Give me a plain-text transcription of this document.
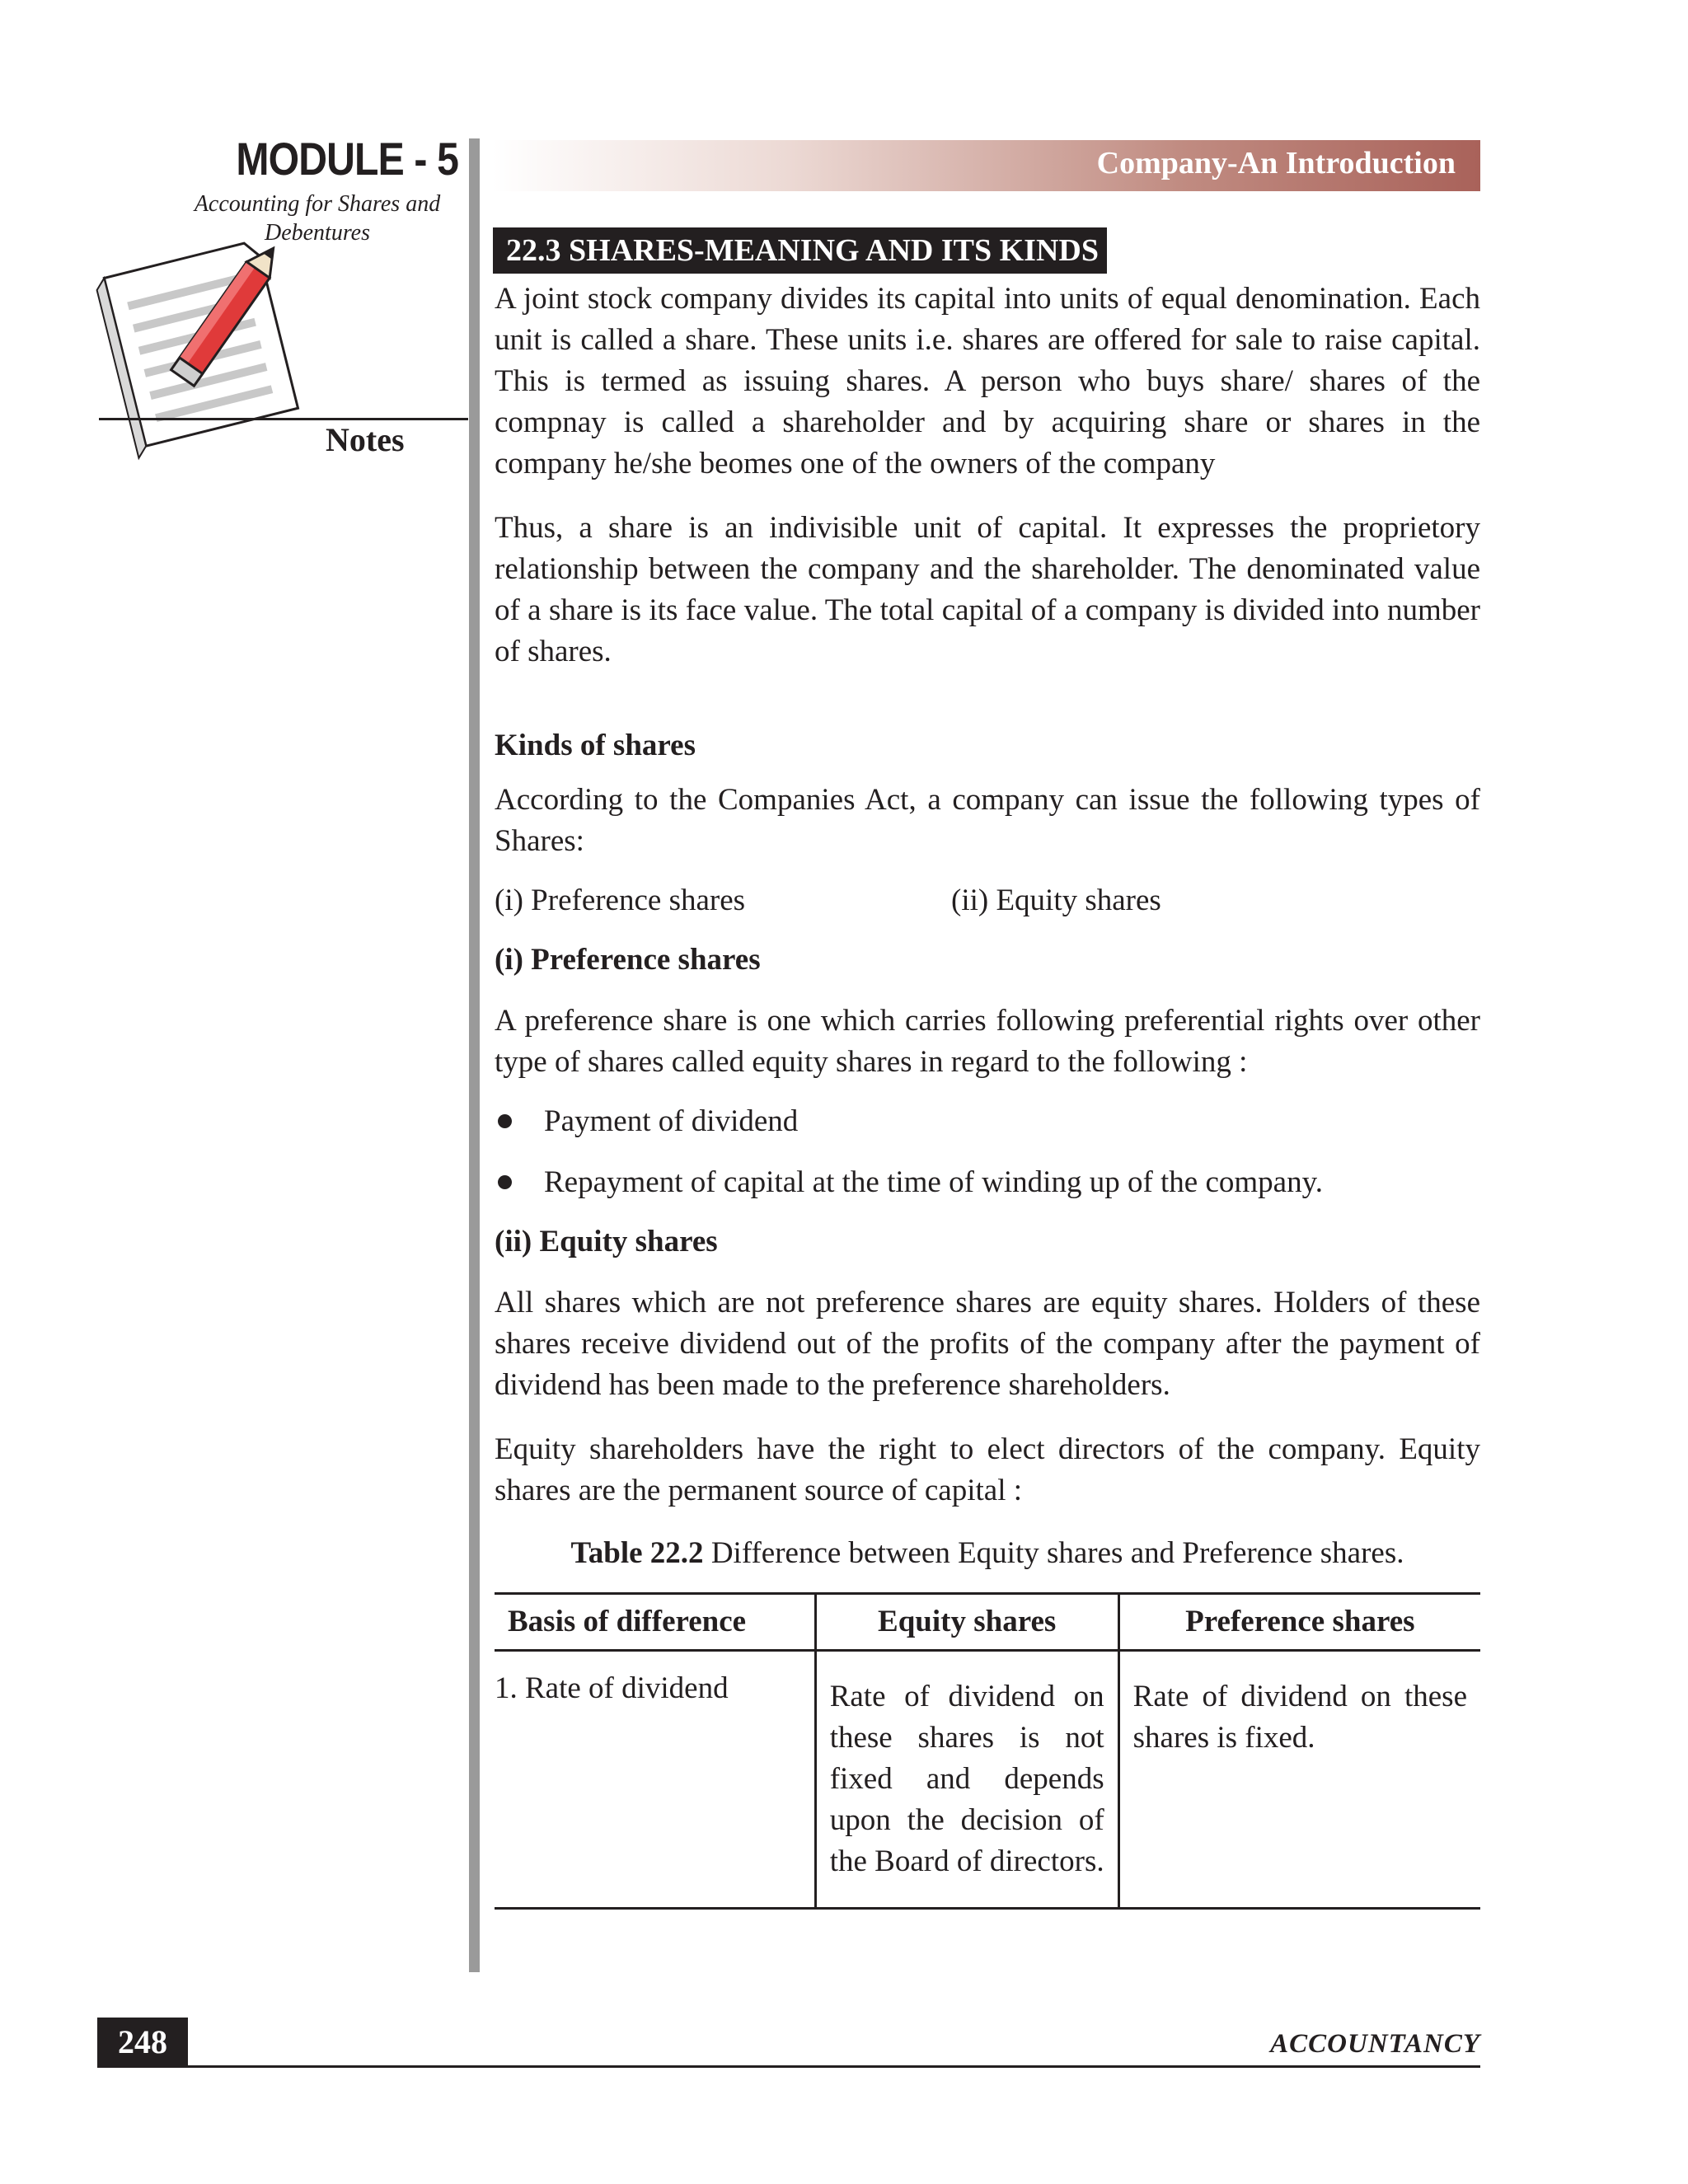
MODULE - 5
Accounting for Shares and
Debentures
Notes
Company-An Introduction
22.3 SHARES-MEANING AND ITS KINDS

A joint stock company divides its capital into units of equal denomination. Each unit is called a share. These units i.e. shares are offered for sale to raise capital. This is termed as issuing shares. A person who buys share/ shares of the compnay is called a shareholder and by acquiring share or shares in the company he/she beomes one of the owners of the company

Thus, a share is an indivisible unit of capital. It expresses the proprietory relationship between the company and the shareholder. The denominated value of a share is its face value. The total capital of a company is divided into number of shares.

Kinds of shares

According to the Companies Act, a company can issue the following types of Shares:

(i) Preference shares	(ii) Equity shares

(i) Preference shares

A preference share is one which carries following preferential rights over other type of shares called equity shares in regard to the following :

Payment of dividend
Repayment of capital at the time of winding up of the company.

(ii) Equity shares

All shares which are not preference shares are equity shares. Holders of these shares receive dividend out of the profits of the company after the payment of dividend has been made to the preference shareholders.

Equity shareholders have the right to elect directors of the company. Equity shares are the permanent source of capital :

Table 22.2 Difference between Equity shares and Preference shares.
Basis of difference	Equity shares	Preference shares
1. Rate of dividend	Rate of dividend on these shares is not fixed and depends upon the decision of the Board of directors.	Rate of dividend on these shares is fixed.
248	ACCOUNTANCY
